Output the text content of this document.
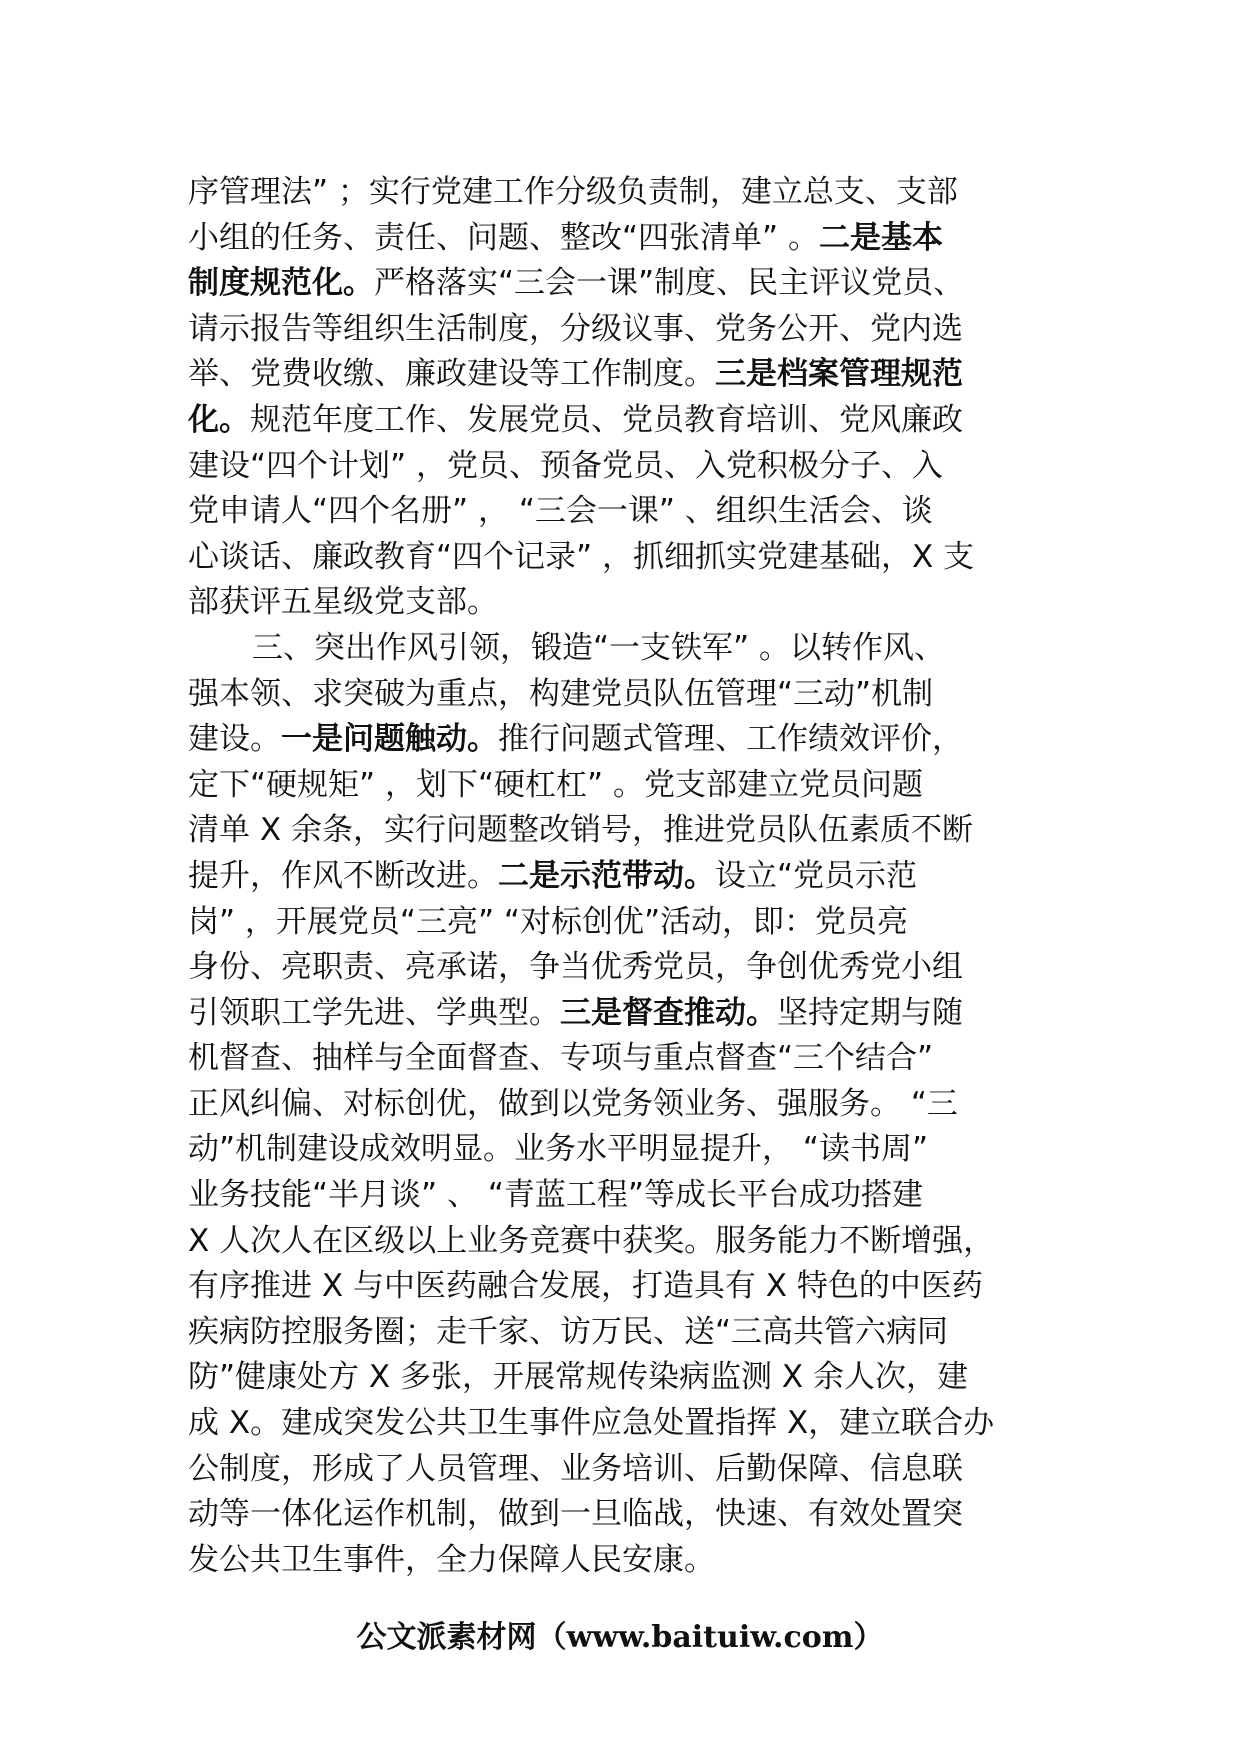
序管理法” ；实行党建工作分级负责制，建立总支、支部
小组的任务、责任、问题、整改“四张清单” 。二是基本
制度规范化。严格落实“三会一课”制度、民主评议党员、
请示报告等组织生活制度，分级议事、党务公开、党内选
举、党费收缴、廉政建设等工作制度。三是档案管理规范
化。规范年度工作、发展党员、党员教育培训、党风廉政
建设“四个计划” ，党员、预备党员、入党积极分子、入
党申请人“四个名册” ， “三会一课” 、组织生活会、谈
心谈话、廉政教育“四个记录” ，抓细抓实党建基础，X 支
部获评五星级党支部。
三、突出作风引领，锻造“一支铁军” 。以转作风、
强本领、求突破为重点，构建党员队伍管理“三动”机制
建设。一是问题触动。推行问题式管理、工作绩效评价，
定下“硬规矩” ，划下“硬杠杠” 。党支部建立党员问题
清单 X 余条，实行问题整改销号，推进党员队伍素质不断
提升，作风不断改进。二是示范带动。设立“党员示范
岗” ，开展党员“三亮” “对标创优”活动，即：党员亮
身份、亮职责、亮承诺，争当优秀党员，争创优秀党小组
引领职工学先进、学典型。三是督查推动。坚持定期与随
机督查、抽样与全面督查、专项与重点督查“三个结合”
正风纠偏、对标创优，做到以党务领业务、强服务。 “三
动”机制建设成效明显。业务水平明显提升， “读书周”
业务技能“半月谈” 、 “青蓝工程”等成长平台成功搭建
X 人次人在区级以上业务竞赛中获奖。服务能力不断增强，
有序推进 X 与中医药融合发展，打造具有 X 特色的中医药
疾病防控服务圈；走千家、访万民、送“三高共管六病同
防”健康处方 X 多张，开展常规传染病监测 X 余人次，建
成 X。建成突发公共卫生事件应急处置指挥 X，建立联合办
公制度，形成了人员管理、业务培训、后勤保障、信息联
动等一体化运作机制，做到一旦临战，快速、有效处置突
发公共卫生事件，全力保障人民安康。
公文派素材网（www.baituiw.com）
